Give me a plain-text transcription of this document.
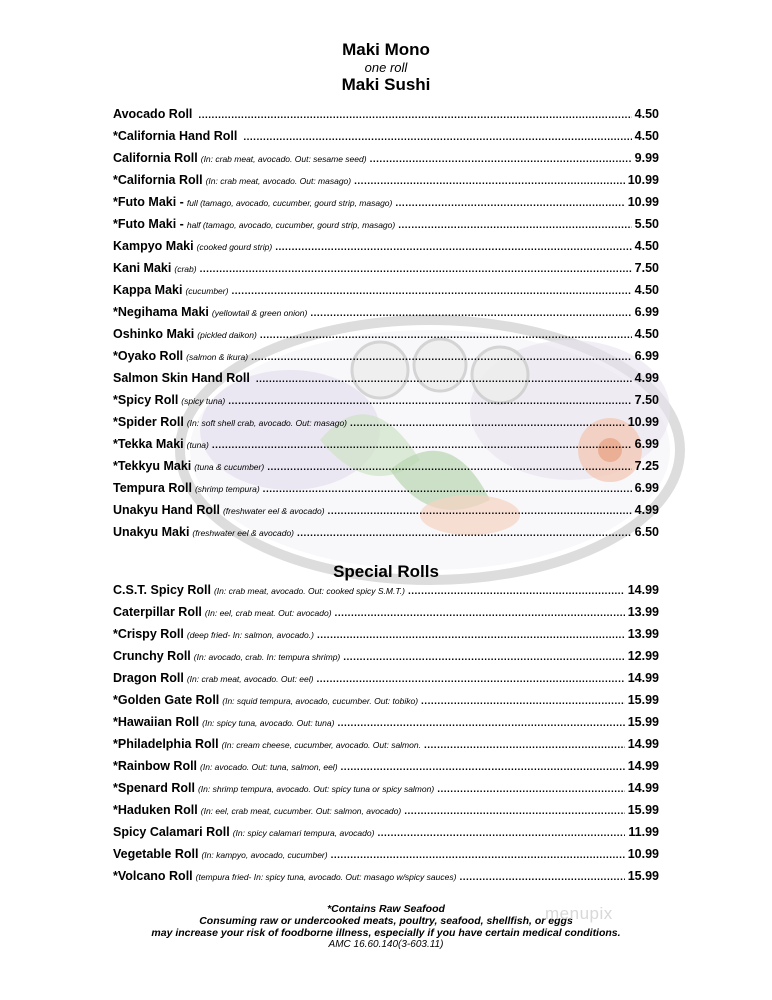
Maki Mono
one roll
Maki Sushi
Avocado Roll .....	4.50
*California Hand Roll .....	4.50
California Roll (In: crab meat, avocado. Out: sesame seed) .....	9.99
*California Roll (In: crab meat, avocado. Out: masago) .....	10.99
*Futo Maki - full (tamago, avocado, cucumber, gourd strip, masago) .....	10.99
*Futo Maki - half (tamago, avocado, cucumber, gourd strip, masago) .....	5.50
Kampyo Maki (cooked gourd strip) .....	4.50
Kani Maki (crab) .....	7.50
Kappa Maki (cucumber) .....	4.50
*Negihama Maki (yellowtail & green onion) .....	6.99
Oshinko Maki (pickled daikon) .....	4.50
*Oyako Roll (salmon & ikura) .....	6.99
Salmon Skin Hand Roll .....	4.99
*Spicy Roll (spicy tuna) .....	7.50
*Spider Roll (In: soft shell crab, avocado. Out: masago) .....	10.99
*Tekka Maki (tuna) .....	6.99
*Tekkyu Maki (tuna & cucumber) .....	7.25
Tempura Roll (shrimp tempura) .....	6.99
Unakyu Hand Roll (freshwater eel & avocado) .....	4.99
Unakyu Maki (freshwater eel & avocado) .....	6.50
Special Rolls
C.S.T. Spicy Roll (In: crab meat, avocado. Out: cooked spicy S.M.T.) .....	14.99
Caterpillar Roll (In: eel, crab meat. Out: avocado) .....	13.99
*Crispy Roll (deep fried- In: salmon, avocado.) .....	13.99
Crunchy Roll (In: avocado, crab. In: tempura shrimp) .....	12.99
Dragon Roll (In: crab meat, avocado. Out: eel) .....	14.99
*Golden Gate Roll (In: squid tempura, avocado, cucumber. Out: tobiko) .....	15.99
*Hawaiian Roll (In: spicy tuna, avocado. Out: tuna) .....	15.99
*Philadelphia Roll (In: cream cheese, cucumber, avocado. Out: salmon. .....	14.99
*Rainbow Roll (In: avocado. Out: tuna, salmon, eel) .....	14.99
*Spenard Roll (In: shrimp tempura, avocado. Out: spicy tuna or spicy salmon) .....	14.99
*Haduken Roll (In: eel, crab meat, cucumber. Out: salmon, avocado) .....	15.99
Spicy Calamari Roll (In: spicy calamari tempura, avocado) .....	11.99
Vegetable Roll (In: kampyo, avocado, cucumber) .....	10.99
*Volcano Roll (tempura fried- In: spicy tuna, avocado. Out: masago w/spicy sauces) .....	15.99
*Contains Raw Seafood
Consuming raw or undercooked meats, poultry, seafood, shellfish, or eggs
may increase your risk of foodborne illness, especially if you have certain medical conditions.
AMC 16.60.140(3-603.11)
menupix
